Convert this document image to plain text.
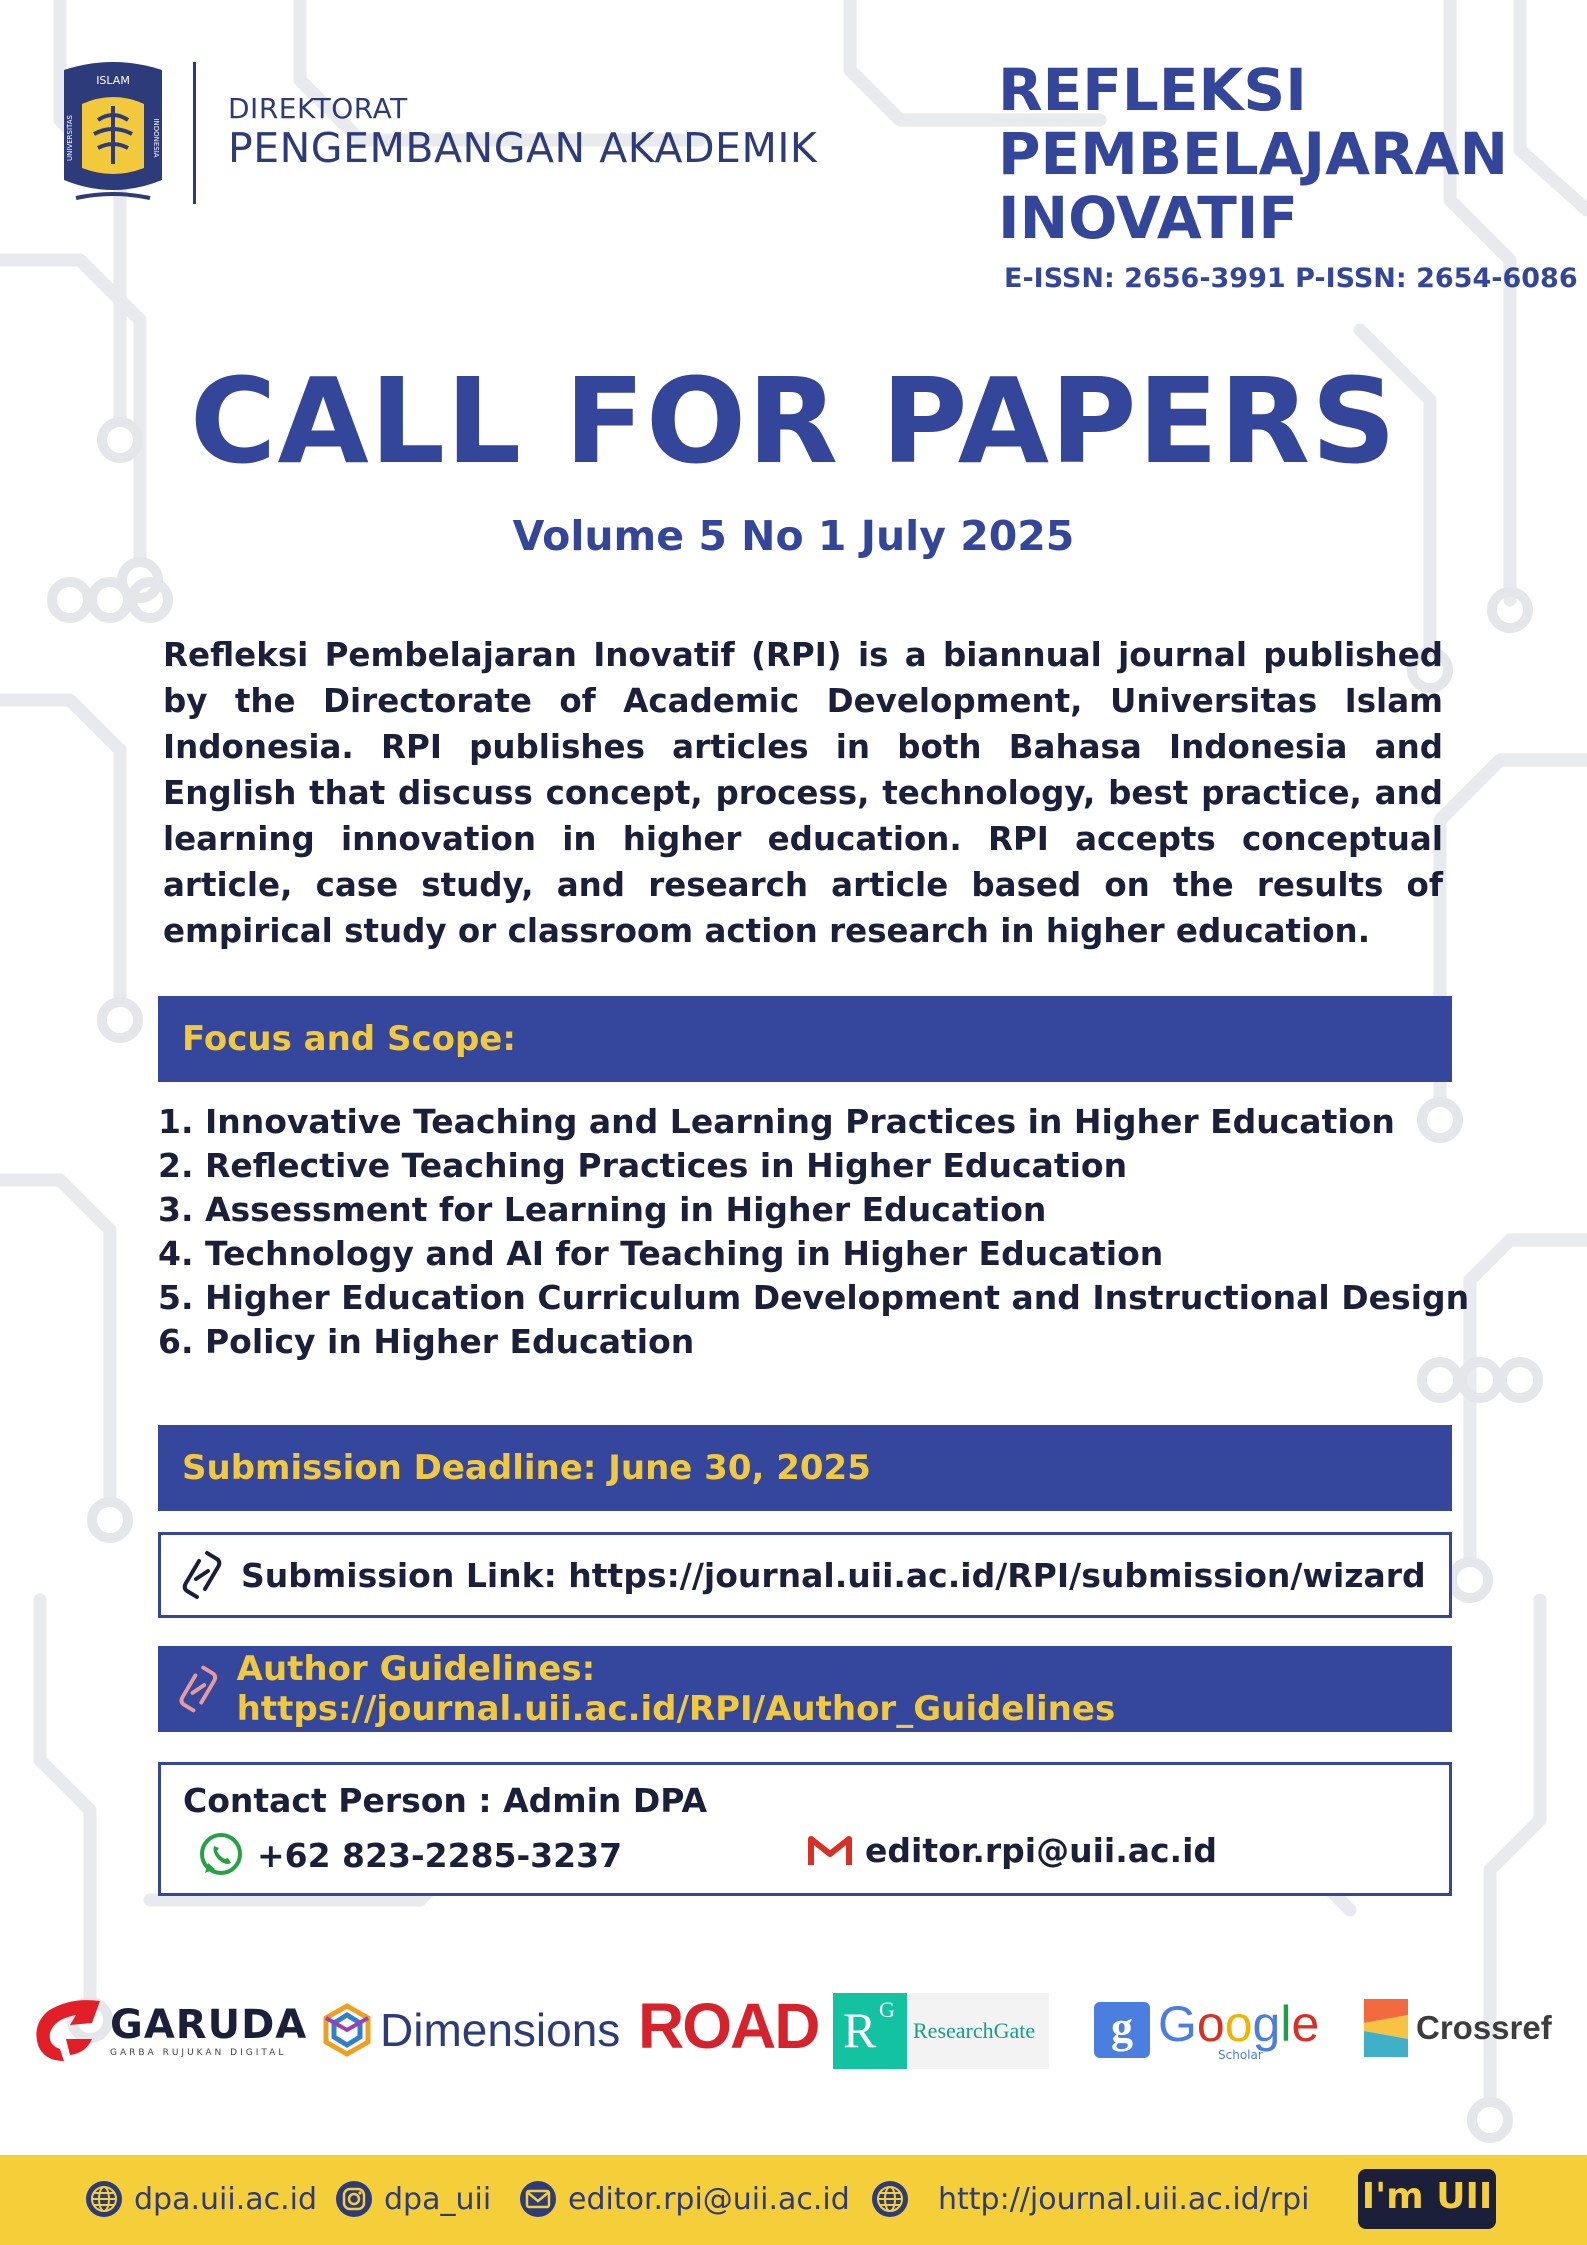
ISLAM
UNIVERSITAS	INDONESIA
DIREKTORAT
PENGEMBANGAN AKADEMIK
REFLEKSI
PEMBELAJARAN
INOVATIF
E-ISSN: 2656-3991 P-ISSN: 2654-6086
CALL FOR PAPERS
Volume 5 No 1 July 2025
Refleksi Pembelajaran Inovatif (RPI) is a biannual journal published by the Directorate of Academic Development, Universitas Islam Indonesia. RPI publishes articles in both Bahasa Indonesia and English that discuss concept, process, technology, best practice, and learning innovation in higher education. RPI accepts conceptual article, case study, and research article based on the results of empirical study or classroom action research in higher education.
Focus and Scope:
1. Innovative Teaching and Learning Practices in Higher Education
2. Reflective Teaching Practices in Higher Education
3. Assessment for Learning in Higher Education
4. Technology and AI for Teaching in Higher Education
5. Higher Education Curriculum Development and Instructional Design
6. Policy in Higher Education
Submission Deadline: June 30, 2025
Submission Link: https://journal.uii.ac.id/RPI/submission/wizard
Author Guidelines: https://journal.uii.ac.id/RPI/Author_Guidelines
Contact Person : Admin DPA
+62 823-2285-3237	editor.rpi@uii.ac.id
GARUDA
GARBA RUJUKAN DIGITAL	Dimensions ROAD R G
ResearchGate	g Google
Scholar
Crossref
dpa.uii.ac.id dpa_uii	editor.rpi@uii.ac.id	http://journal.uii.ac.id/rpi I'm UII
